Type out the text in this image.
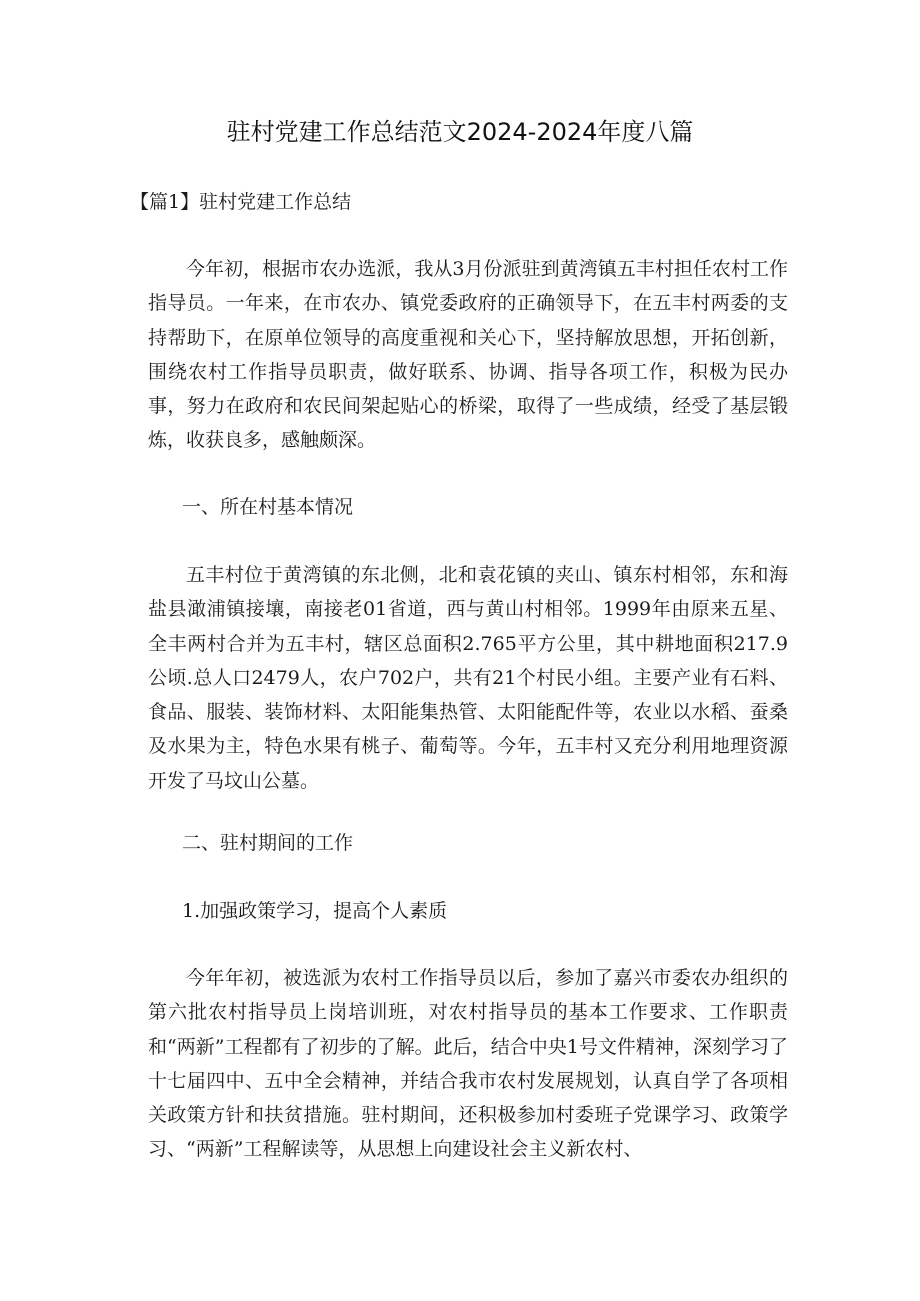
驻村党建工作总结范文2024-2024年度八篇

【篇1】驻村党建工作总结

今年初，根据市农办选派，我从3月份派驻到黄湾镇五丰村担任农村工作指导员。一年来，在市农办、镇党委政府的正确领导下，在五丰村两委的支持帮助下，在原单位领导的高度重视和关心下，坚持解放思想，开拓创新，围绕农村工作指导员职责，做好联系、协调、指导各项工作，积极为民办事，努力在政府和农民间架起贴心的桥梁，取得了一些成绩，经受了基层锻炼，收获良多，感触颇深。

一、所在村基本情况

五丰村位于黄湾镇的东北侧，北和袁花镇的夹山、镇东村相邻，东和海盐县澉浦镇接壤，南接老01省道，西与黄山村相邻。1999年由原来五星、全丰两村合并为五丰村，辖区总面积2.765平方公里，其中耕地面积217.9公顷.总人口2479人，农户702户，共有21个村民小组。主要产业有石料、食品、服装、装饰材料、太阳能集热管、太阳能配件等，农业以水稻、蚕桑及水果为主，特色水果有桃子、葡萄等。今年，五丰村又充分利用地理资源开发了马坟山公墓。

二、驻村期间的工作

1.加强政策学习，提高个人素质

今年年初，被选派为农村工作指导员以后，参加了嘉兴市委农办组织的第六批农村指导员上岗培训班，对农村指导员的基本工作要求、工作职责和“两新”工程都有了初步的了解。此后，结合中央1号文件精神，深刻学习了十七届四中、五中全会精神，并结合我市农村发展规划，认真自学了各项相关政策方针和扶贫措施。驻村期间，还积极参加村委班子党课学习、政策学习、“两新”工程解读等，从思想上向建设社会主义新农村、
